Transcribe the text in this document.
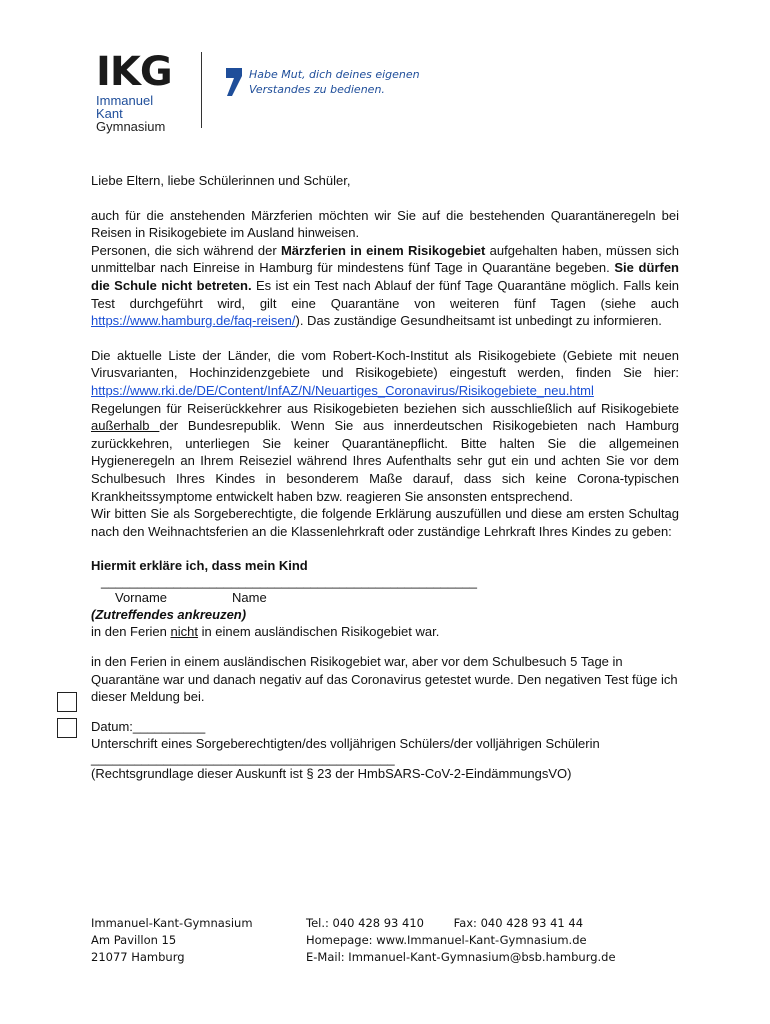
IKG
Immanuel
Kant
Gymnasium
Habe Mut, dich deines eigenen
Verstandes zu bedienen.

Liebe Eltern, liebe Schülerinnen und Schüler,

auch für die anstehenden Märzferien möchten wir Sie auf die bestehenden Quarantäneregeln bei Reisen in Risikogebiete im Ausland hinweisen.
Personen, die sich während der Märzferien in einem Risikogebiet aufgehalten haben, müssen sich unmittelbar nach Einreise in Hamburg für mindestens fünf Tage in Quarantäne begeben. Sie dürfen die Schule nicht betreten. Es ist ein Test nach Ablauf der fünf Tage Quarantäne möglich. Falls kein Test durchgeführt wird, gilt eine Quarantäne von weiteren fünf Tagen (siehe auch https://www.hamburg.de/faq-reisen/). Das zuständige Gesundheitsamt ist unbedingt zu informieren.
Die aktuelle Liste der Länder, die vom Robert-Koch-Institut als Risikogebiete (Gebiete mit neuen Virusvarianten, Hochinzidenzgebiete und Risikogebiete) eingestuft werden, finden Sie hier: https://www.rki.de/DE/Content/InfAZ/N/Neuartiges_Coronavirus/Risikogebiete_neu.html
Regelungen für Reiserückkehrer aus Risikogebieten beziehen sich ausschließlich auf Risikogebiete außerhalb der Bundesrepublik. Wenn Sie aus innerdeutschen Risikogebieten nach Hamburg zurückkehren, unterliegen Sie keiner Quarantänepflicht. Bitte halten Sie die allgemeinen Hygieneregeln an Ihrem Reiseziel während Ihres Aufenthalts sehr gut ein und achten Sie vor dem Schulbesuch Ihres Kindes in besonderem Maße darauf, dass sich keine Corona-typischen Krankheitssymptome entwickelt haben bzw. reagieren Sie ansonsten entsprechend.
Wir bitten Sie als Sorgeberechtigte, die folgende Erklärung auszufüllen und diese am ersten Schultag nach den Weihnachtsferien an die Klassenlehrkraft oder zuständige Lehrkraft Ihres Kindes zu geben:
Hiermit erkläre ich, dass mein Kind
____________________________________________________
Vorname	Name
(Zutreffendes ankreuzen)
in den Ferien nicht in einem ausländischen Risikogebiet war.
in den Ferien in einem ausländischen Risikogebiet war, aber vor dem Schulbesuch 5 Tage in Quarantäne war und danach negativ auf das Coronavirus getestet wurde. Den negativen Test füge ich dieser Meldung bei.
Datum:__________
Unterschrift eines Sorgeberechtigten/des volljährigen Schülers/der volljährigen Schülerin
__________________________________________
(Rechtsgrundlage dieser Auskunft ist § 23 der HmbSARS-CoV-2-EindämmungsVO)
Immanuel-Kant-Gymnasium
Am Pavillon 15
21077 Hamburg
Tel.: 040 428 93 410	Fax: 040 428 93 41 44
Homepage: www.Immanuel-Kant-Gymnasium.de
E-Mail: Immanuel-Kant-Gymnasium@bsb.hamburg.de
